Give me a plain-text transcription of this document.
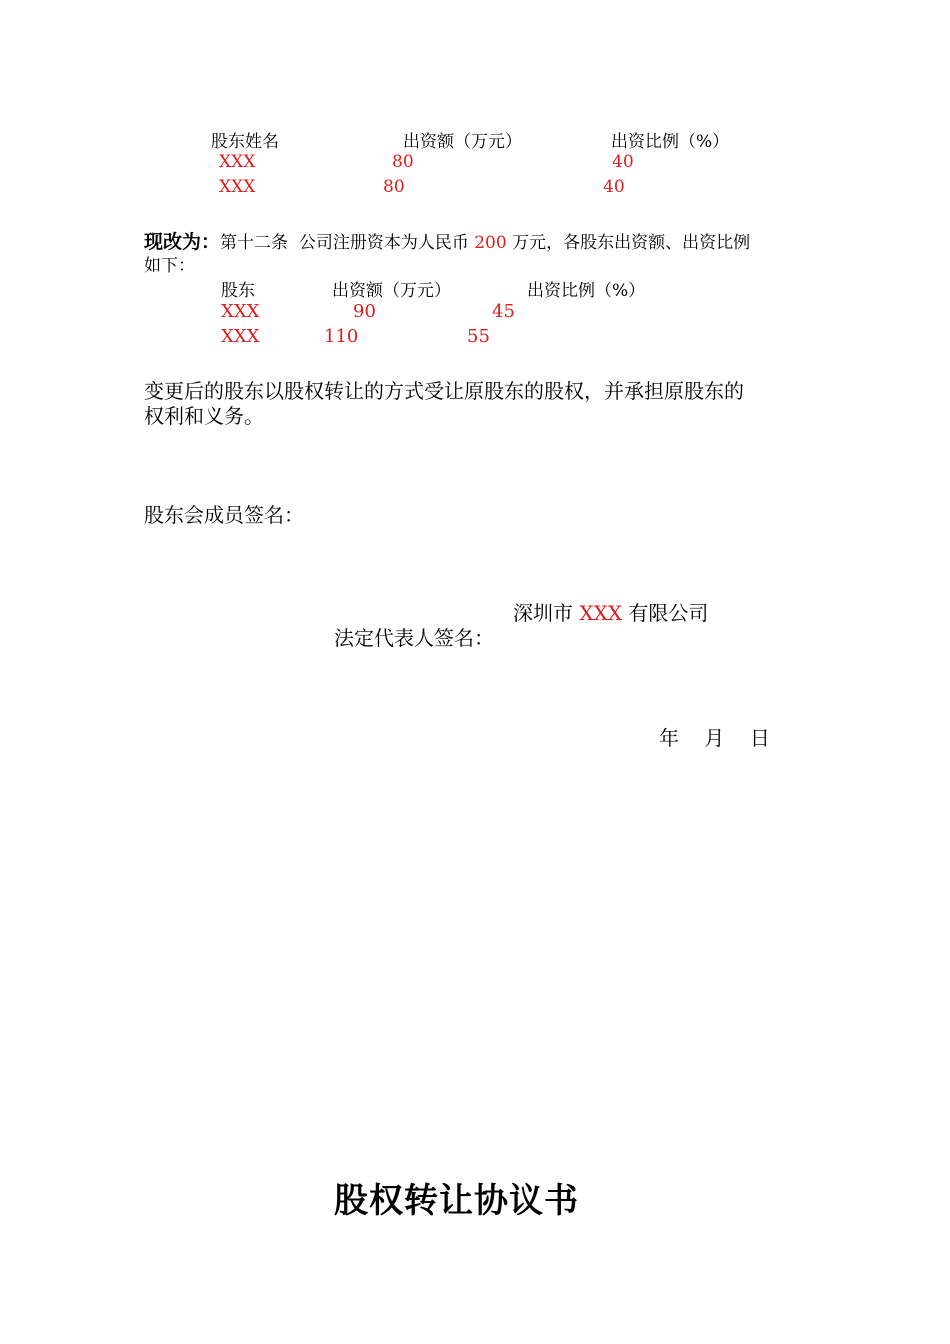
股东姓名	出资额（万元）	出资比例（%）
XXX	80	40
XXX	80	40
现改为：第十二条  公司注册资本为人民币 200 万元，各股东出资额、出资比例
如下：
股东	出资额（万元）	出资比例（%）
XXX	90	45
XXX	110	55
变更后的股东以股权转让的方式受让原股东的股权，并承担原股东的
权利和义务。
股东会成员签名：
深圳市 XXX 有限公司
法定代表人签名：
年    月    日
股权转让协议书
